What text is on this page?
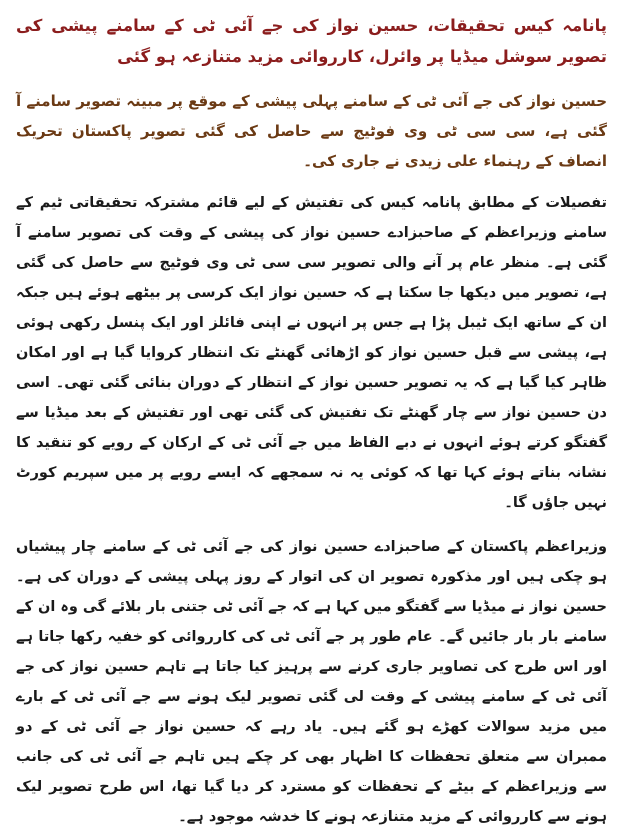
پانامہ کیس تحقیقات، حسین نواز کی جے آئی ٹی کے سامنے پیشی کی تصویر سوشل میڈیا پر وائرل، کارروائی مزید متنازعہ ہو گئی

حسین نواز کی جے آئی ٹی کے سامنے پہلی پیشی کے موقع پر مبینہ تصویر سامنے آ گئی ہے، سی سی ٹی وی فوٹیج سے حاصل کی گئی تصویر پاکستان تحریک انصاف کے رہنماء علی زیدی نے جاری کی۔

تفصیلات کے مطابق پانامہ کیس کی تفتیش کے لیے قائم مشترکہ تحقیقاتی ٹیم کے سامنے وزیراعظم کے صاحبزادے حسین نواز کی پیشی کے وقت کی تصویر سامنے آ گئی ہے۔ منظر عام پر آنے والی تصویر سی سی ٹی وی فوٹیج سے حاصل کی گئی ہے، تصویر میں دیکھا جا سکتا ہے کہ حسین نواز ایک کرسی پر بیٹھے ہوئے ہیں جبکہ ان کے ساتھ ایک ٹیبل پڑا ہے جس پر انہوں نے اپنی فائلز اور ایک پنسل رکھی ہوئی ہے، پیشی سے قبل حسین نواز کو اڑھائی گھنٹے تک انتظار کروایا گیا ہے اور امکان ظاہر کیا گیا ہے کہ یہ تصویر حسین نواز کے انتظار کے دوران بنائی گئی تھی۔ اسی دن حسین نواز سے چار گھنٹے تک تفتیش کی گئی تھی اور تفتیش کے بعد میڈیا سے گفتگو کرتے ہوئے انہوں نے دبے الفاظ میں جے آئی ٹی کے ارکان کے رویے کو تنقید کا نشانہ بناتے ہوئے کہا تھا کہ کوئی یہ نہ سمجھے کہ ایسے رویے پر میں سپریم کورٹ نہیں جاؤں گا۔

وزیراعظم پاکستان کے صاحبزادے حسین نواز کی جے آئی ٹی کے سامنے چار پیشیاں ہو چکی ہیں اور مذکورہ تصویر ان کی اتوار کے روز پہلی پیشی کے دوران کی ہے۔ حسین نواز نے میڈیا سے گفتگو میں کہا ہے کہ جے آئی ٹی جتنی بار بلائے گی وہ ان کے سامنے بار بار جائیں گے۔ عام طور پر جے آئی ٹی کی کارروائی کو خفیہ رکھا جاتا ہے اور اس طرح کی تصاویر جاری کرنے سے پرہیز کیا جاتا ہے تاہم حسین نواز کی جے آئی ٹی کے سامنے پیشی کے وقت لی گئی تصویر لیک ہونے سے جے آئی ٹی کے بارے میں مزید سوالات کھڑے ہو گئے ہیں۔ یاد رہے کہ حسین نواز جے آئی ٹی کے دو ممبران سے متعلق تحفظات کا اظہار بھی کر چکے ہیں تاہم جے آئی ٹی کی جانب سے وزیراعظم کے بیٹے کے تحفظات کو مسترد کر دیا گیا تھا، اس طرح تصویر لیک ہونے سے کارروائی کے مزید متنازعہ ہونے کا خدشہ موجود ہے۔
